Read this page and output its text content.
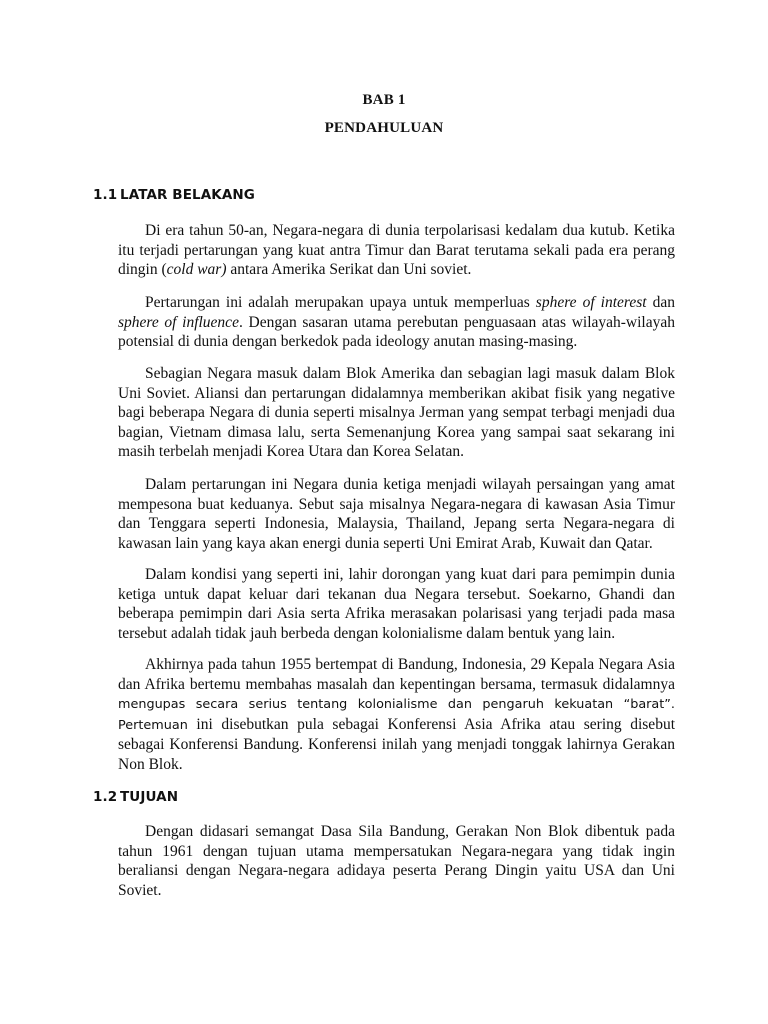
BAB 1
PENDAHULUAN
1.1 LATAR BELAKANG

Di era tahun 50-an, Negara-negara di dunia terpolarisasi kedalam dua kutub. Ketika itu terjadi pertarungan yang kuat antra Timur dan Barat terutama sekali pada era perang dingin (cold war) antara Amerika Serikat dan Uni soviet.

Pertarungan ini adalah merupakan upaya untuk memperluas sphere of interest dan sphere of influence. Dengan sasaran utama perebutan penguasaan atas wilayah-wilayah potensial di dunia dengan berkedok pada ideology anutan masing-masing.

Sebagian Negara masuk dalam Blok Amerika dan sebagian lagi masuk dalam Blok Uni Soviet. Aliansi dan pertarungan didalamnya memberikan akibat fisik yang negative bagi beberapa Negara di dunia seperti misalnya Jerman yang sempat terbagi menjadi dua bagian, Vietnam dimasa lalu, serta Semenanjung Korea yang sampai saat sekarang ini masih terbelah menjadi Korea Utara dan Korea Selatan.

Dalam pertarungan ini Negara dunia ketiga menjadi wilayah persaingan yang amat mempesona buat keduanya. Sebut saja misalnya Negara-negara di kawasan Asia Timur dan Tenggara seperti Indonesia, Malaysia, Thailand, Jepang serta Negara-negara di kawasan lain yang kaya akan energi dunia seperti Uni Emirat Arab, Kuwait dan Qatar.

Dalam kondisi yang seperti ini, lahir dorongan yang kuat dari para pemimpin dunia ketiga untuk dapat keluar dari tekanan dua Negara tersebut. Soekarno, Ghandi dan beberapa pemimpin dari Asia serta Afrika merasakan polarisasi yang terjadi pada masa tersebut adalah tidak jauh berbeda dengan kolonialisme dalam bentuk yang lain.

Akhirnya pada tahun 1955 bertempat di Bandung, Indonesia, 29 Kepala Negara Asia dan Afrika bertemu membahas masalah dan kepentingan bersama, termasuk didalamnya mengupas secara serius tentang kolonialisme dan pengaruh kekuatan “barat”. Pertemuan ini disebutkan pula sebagai Konferensi Asia Afrika atau sering disebut sebagai Konferensi Bandung. Konferensi inilah yang menjadi tonggak lahirnya Gerakan Non Blok.

1.2 TUJUAN

Dengan didasari semangat Dasa Sila Bandung, Gerakan Non Blok dibentuk pada tahun 1961 dengan tujuan utama mempersatukan Negara-negara yang tidak ingin beraliansi dengan Negara-negara adidaya peserta Perang Dingin yaitu USA dan Uni Soviet.
